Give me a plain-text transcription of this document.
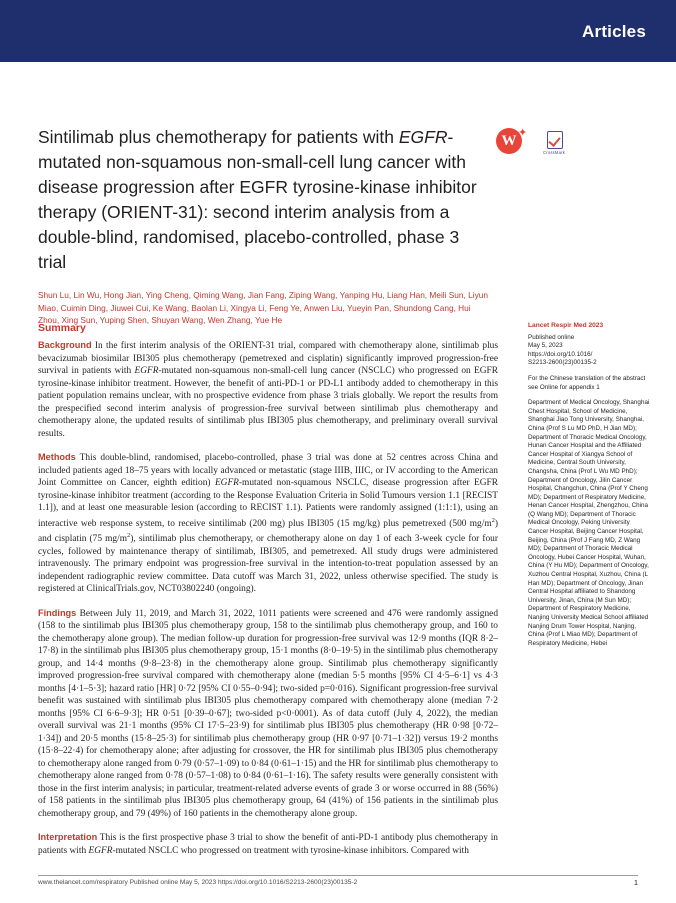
Articles
Sintilimab plus chemotherapy for patients with EGFR-mutated non-squamous non-small-cell lung cancer with disease progression after EGFR tyrosine-kinase inhibitor therapy (ORIENT-31): second interim analysis from a double-blind, randomised, placebo-controlled, phase 3 trial
Shun Lu, Lin Wu, Hong Jian, Ying Cheng, Qiming Wang, Jian Fang, Ziping Wang, Yanping Hu, Liang Han, Meili Sun, Liyun Miao, Cuimin Ding, Jiuwei Cui, Ke Wang, Baolan Li, Xingya Li, Feng Ye, Anwen Liu, Yueyin Pan, Shundong Cang, Hui Zhou, Xing Sun, Yuping Shen, Shuyan Wang, Wen Zhang, Yue He
W ✦
CrossMark
Summary

Background In the first interim analysis of the ORIENT-31 trial, compared with chemotherapy alone, sintilimab plus bevacizumab biosimilar IBI305 plus chemotherapy (pemetrexed and cisplatin) significantly improved progression-free survival in patients with EGFR-mutated non-squamous non-small-cell lung cancer (NSCLC) who progressed on EGFR tyrosine-kinase inhibitor treatment. However, the benefit of anti-PD-1 or PD-L1 antibody added to chemotherapy in this patient population remains unclear, with no prospective evidence from phase 3 trials globally. We report the results from the prespecified second interim analysis of progression-free survival between sintilimab plus chemotherapy and chemotherapy alone, the updated results of sintilimab plus IBI305 plus chemotherapy, and preliminary overall survival results.

Methods This double-blind, randomised, placebo-controlled, phase 3 trial was done at 52 centres across China and included patients aged 18–75 years with locally advanced or metastatic (stage IIIB, IIIC, or IV according to the American Joint Committee on Cancer, eighth edition) EGFR-mutated non-squamous NSCLC, disease progression after EGFR tyrosine-kinase inhibitor treatment (according to the Response Evaluation Criteria in Solid Tumours version 1.1 [RECIST 1.1]), and at least one measurable lesion (according to RECIST 1.1). Patients were randomly assigned (1:1:1), using an interactive web response system, to receive sintilimab (200 mg) plus IBI305 (15 mg/kg) plus pemetrexed (500 $mg/m^2$) and cisplatin (75 $mg/m^2$), sintilimab plus chemotherapy, or chemotherapy alone on day 1 of each 3-week cycle for four cycles, followed by maintenance therapy of sintilimab, IBI305, and pemetrexed. All study drugs were administered intravenously. The primary endpoint was progression-free survival in the intention-to-treat population assessed by an independent radiographic review committee. Data cutoff was March 31, 2022, unless otherwise specified. The study is registered at ClinicalTrials.gov, NCT03802240 (ongoing).

Findings Between July 11, 2019, and March 31, 2022, 1011 patients were screened and 476 were randomly assigned (158 to the sintilimab plus IBI305 plus chemotherapy group, 158 to the sintilimab plus chemotherapy group, and 160 to the chemotherapy alone group). The median follow-up duration for progression-free survival was 12·9 months (IQR 8·2–17·8) in the sintilimab plus IBI305 plus chemotherapy group, 15·1 months (8·0–19·5) in the sintilimab plus chemotherapy group, and 14·4 months (9·8–23·8) in the chemotherapy alone group. Sintilimab plus chemotherapy significantly improved progression-free survival compared with chemotherapy alone (median 5·5 months [95% CI 4·5–6·1] vs 4·3 months [4·1–5·3]; hazard ratio [HR] 0·72 [95% CI 0·55–0·94]; two-sided p=0·016). Significant progression-free survival benefit was sustained with sintilimab plus IBI305 plus chemotherapy compared with chemotherapy alone (median 7·2 months [95% CI 6·6–9·3]; HR 0·51 [0·39–0·67]; two-sided p<0·0001). As of data cutoff (July 4, 2022), the median overall survival was 21·1 months (95% CI 17·5–23·9) for sintilimab plus IBI305 plus chemotherapy (HR 0·98 [0·72–1·34]) and 20·5 months (15·8–25·3) for sintilimab plus chemotherapy group (HR 0·97 [0·71–1·32]) versus 19·2 months (15·8–22·4) for chemotherapy alone; after adjusting for crossover, the HR for sintilimab plus IBI305 plus chemotherapy to chemotherapy alone ranged from 0·79 (0·57–1·09) to 0·84 (0·61–1·15) and the HR for sintilimab plus chemotherapy to chemotherapy alone ranged from 0·78 (0·57–1·08) to 0·84 (0·61–1·16). The safety results were generally consistent with those in the first interim analysis; in particular, treatment-related adverse events of grade 3 or worse occurred in 88 (56%) of 158 patients in the sintilimab plus IBI305 plus chemotherapy group, 64 (41%) of 156 patients in the sintilimab plus chemotherapy group, and 79 (49%) of 160 patients in the chemotherapy alone group.

Interpretation This is the first prospective phase 3 trial to show the benefit of anti-PD-1 antibody plus chemotherapy in patients with EGFR-mutated NSCLC who progressed on treatment with tyrosine-kinase inhibitors. Compared with

Lancet Respir Med 2023
Published online
May 5, 2023
https://doi.org/10.1016/
S2213-2600(23)00135-2
For the Chinese translation of the abstract see Online for appendix 1
Department of Medical Oncology, Shanghai Chest Hospital, School of Medicine, Shanghai Jiao Tong University, Shanghai, China (Prof S Lu MD PhD, H Jian MD); Department of Thoracic Medical Oncology, Hunan Cancer Hospital and the Affiliated Cancer Hospital of Xiangya School of Medicine, Central South University, Changsha, China (Prof L Wu MD PhD); Department of Oncology, Jilin Cancer Hospital, Changchun, China (Prof Y Cheng MD); Department of Respiratory Medicine, Henan Cancer Hospital, Zhengzhou, China (Q Wang MD); Department of Thoracic Medical Oncology, Peking University Cancer Hospital, Beijing Cancer Hospital, Beijing, China (Prof J Fang MD, Z Wang MD); Department of Thoracic Medical Oncology, Hubei Cancer Hospital, Wuhan, China (Y Hu MD); Department of Oncology, Xuzhou Central Hospital, Xuzhou, China (L Han MD); Department of Oncology, Jinan Central Hospital affiliated to Shandong University, Jinan, China (M Sun MD); Department of Respiratory Medicine, Nanjing University Medical School affiliated Nanjing Drum Tower Hospital, Nanjing, China (Prof L Miao MD); Department of Respiratory Medicine, Hebei
www.thelancet.com/respiratory Published online May 5, 2023 https://doi.org/10.1016/S2213-2600(23)00135-2	1
